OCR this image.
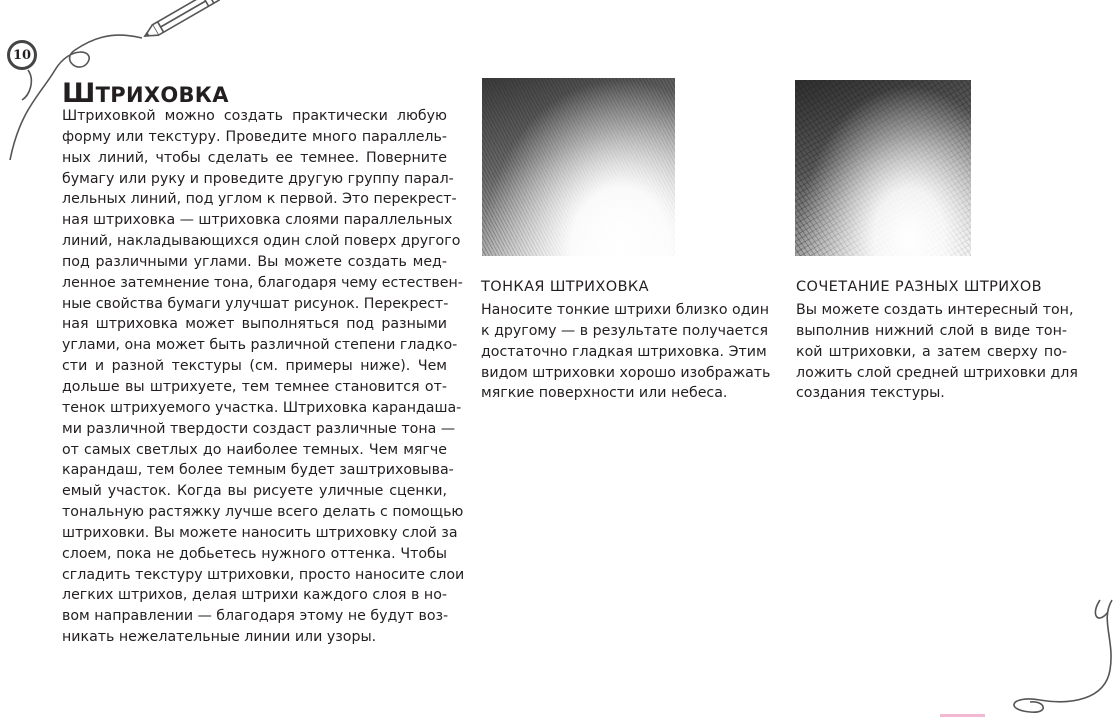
10
ШТРИХОВКА
Штриховкой можно создать практически любую
форму или текстуру. Проведите много параллель-
ных линий, чтобы сделать ее темнее. Поверните
бумагу или руку и проведите другую группу парал-
лельных линий, под углом к первой. Это перекрест-
ная штриховка — штриховка слоями параллельных
линий, накладывающихся один слой поверх другого
под различными углами. Вы можете создать мед-
ленное затемнение тона, благодаря чему естествен-
ные свойства бумаги улучшат рисунок. Перекрест-
ная штриховка может выполняться под разными
углами, она может быть различной степени гладко-
сти и разной текстуры (см. примеры ниже). Чем
дольше вы штрихуете, тем темнее становится от-
тенок штрихуемого участка. Штриховка карандаша-
ми различной твердости создаст различные тона —
от самых светлых до наиболее темных. Чем мягче
карандаш, тем более темным будет заштриховыва-
емый участок. Когда вы рисуете уличные сценки,
тональную растяжку лучше всего делать с помощью
штриховки. Вы можете наносить штриховку слой за
слоем, пока не добьетесь нужного оттенка. Чтобы
сгладить текстуру штриховки, просто наносите слои
легких штрихов, делая штрихи каждого слоя в но-
вом направлении — благодаря этому не будут воз-
никать нежелательные линии или узоры.
ТОНКАЯ ШТРИХОВКА
Наносите тонкие штрихи близко один
к другому — в результате получается
достаточно гладкая штриховка. Этим
видом штриховки хорошо изображать
мягкие поверхности или небеса.
СОЧЕТАНИЕ РАЗНЫХ ШТРИХОВ
Вы можете создать интересный тон,
выполнив нижний слой в виде тон-
кой штриховки, а затем сверху по-
ложить слой средней штриховки для
создания текстуры.
